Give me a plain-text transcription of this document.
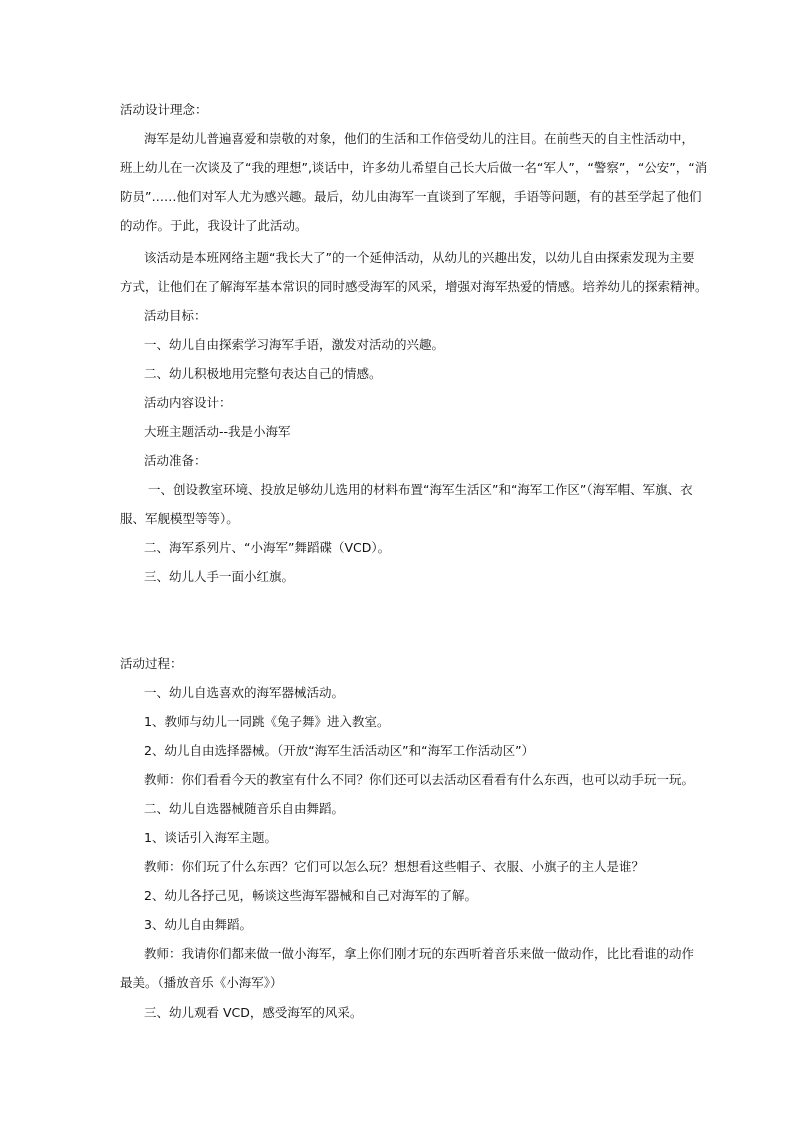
活动设计理念：
海军是幼儿普遍喜爱和崇敬的对象，他们的生活和工作倍受幼儿的注目。在前些天的自主性活动中，
班上幼儿在一次谈及了“我的理想”,谈话中，许多幼儿希望自己长大后做一名“军人”，“警察”，“公安”，“消
防员”……他们对军人尤为感兴趣。最后，幼儿由海军一直谈到了军舰，手语等问题，有的甚至学起了他们
的动作。于此，我设计了此活动。
该活动是本班网络主题“我长大了”的一个延伸活动，从幼儿的兴趣出发，以幼儿自由探索发现为主要
方式，让他们在了解海军基本常识的同时感受海军的风采，增强对海军热爱的情感。培养幼儿的探索精神。
活动目标：
一、幼儿自由探索学习海军手语，激发对活动的兴趣。
二、幼儿积极地用完整句表达自己的情感。
活动内容设计：
大班主题活动--我是小海军
活动准备：
一、创设教室环境、投放足够幼儿选用的材料布置“海军生活区”和“海军工作区”（海军帽、军旗、衣
服、军舰模型等等）。
二、海军系列片、“小海军”舞蹈碟（VCD）。
三、幼儿人手一面小红旗。
活动过程：
一、幼儿自选喜欢的海军器械活动。
1、教师与幼儿一同跳《兔子舞》进入教室。
2、幼儿自由选择器械。（开放“海军生活活动区”和“海军工作活动区”）
教师：你们看看今天的教室有什么不同？你们还可以去活动区看看有什么东西，也可以动手玩一玩。
二、幼儿自选器械随音乐自由舞蹈。
1、谈话引入海军主题。
教师：你们玩了什么东西？它们可以怎么玩？想想看这些帽子、衣服、小旗子的主人是谁？
2、幼儿各抒己见，畅谈这些海军器械和自己对海军的了解。
3、幼儿自由舞蹈。
教师：我请你们都来做一做小海军，拿上你们刚才玩的东西听着音乐来做一做动作，比比看谁的动作
最美。（播放音乐《小海军》）
三、幼儿观看 VCD，感受海军的风采。
